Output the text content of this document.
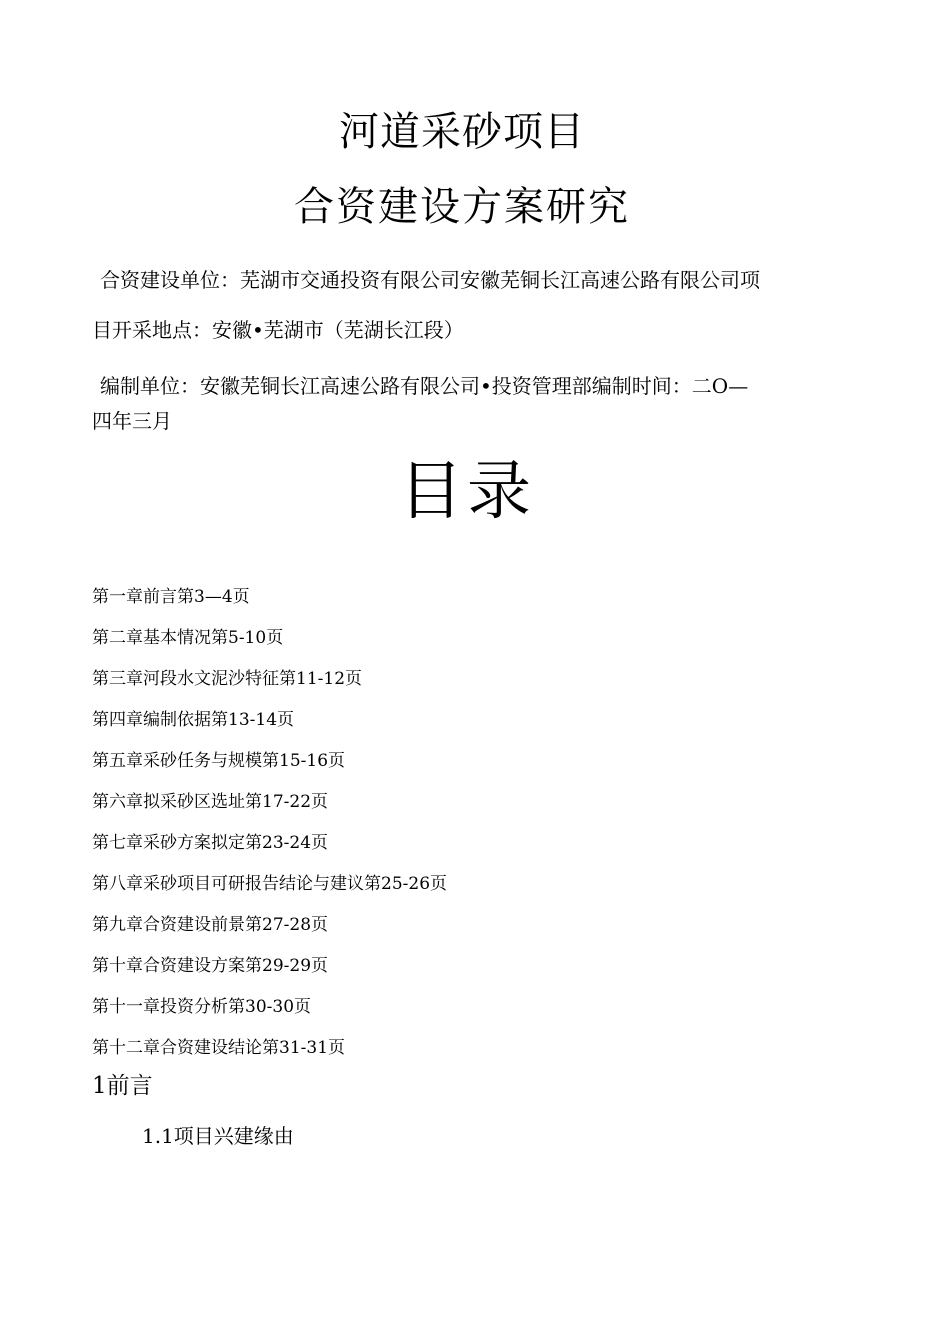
河道采砂项目
合资建设方案研究
合资建设单位：芜湖市交通投资有限公司安徽芜铜长江高速公路有限公司项
目开采地点：安徽•芜湖市（芜湖长江段）
编制单位：安徽芜铜长江高速公路有限公司•投资管理部编制时间：二O—
四年三月
目录
第一章前言第3—4页
第二章基本情况第5-10页
第三章河段水文泥沙特征第11-12页
第四章编制依据第13-14页
第五章采砂任务与规模第15-16页
第六章拟采砂区选址第17-22页
第七章采砂方案拟定第23-24页
第八章采砂项目可研报告结论与建议第25-26页
第九章合资建设前景第27-28页
第十章合资建设方案第29-29页
第十一章投资分析第30-30页
第十二章合资建设结论第31-31页
1前言
1.1项目兴建缘由
